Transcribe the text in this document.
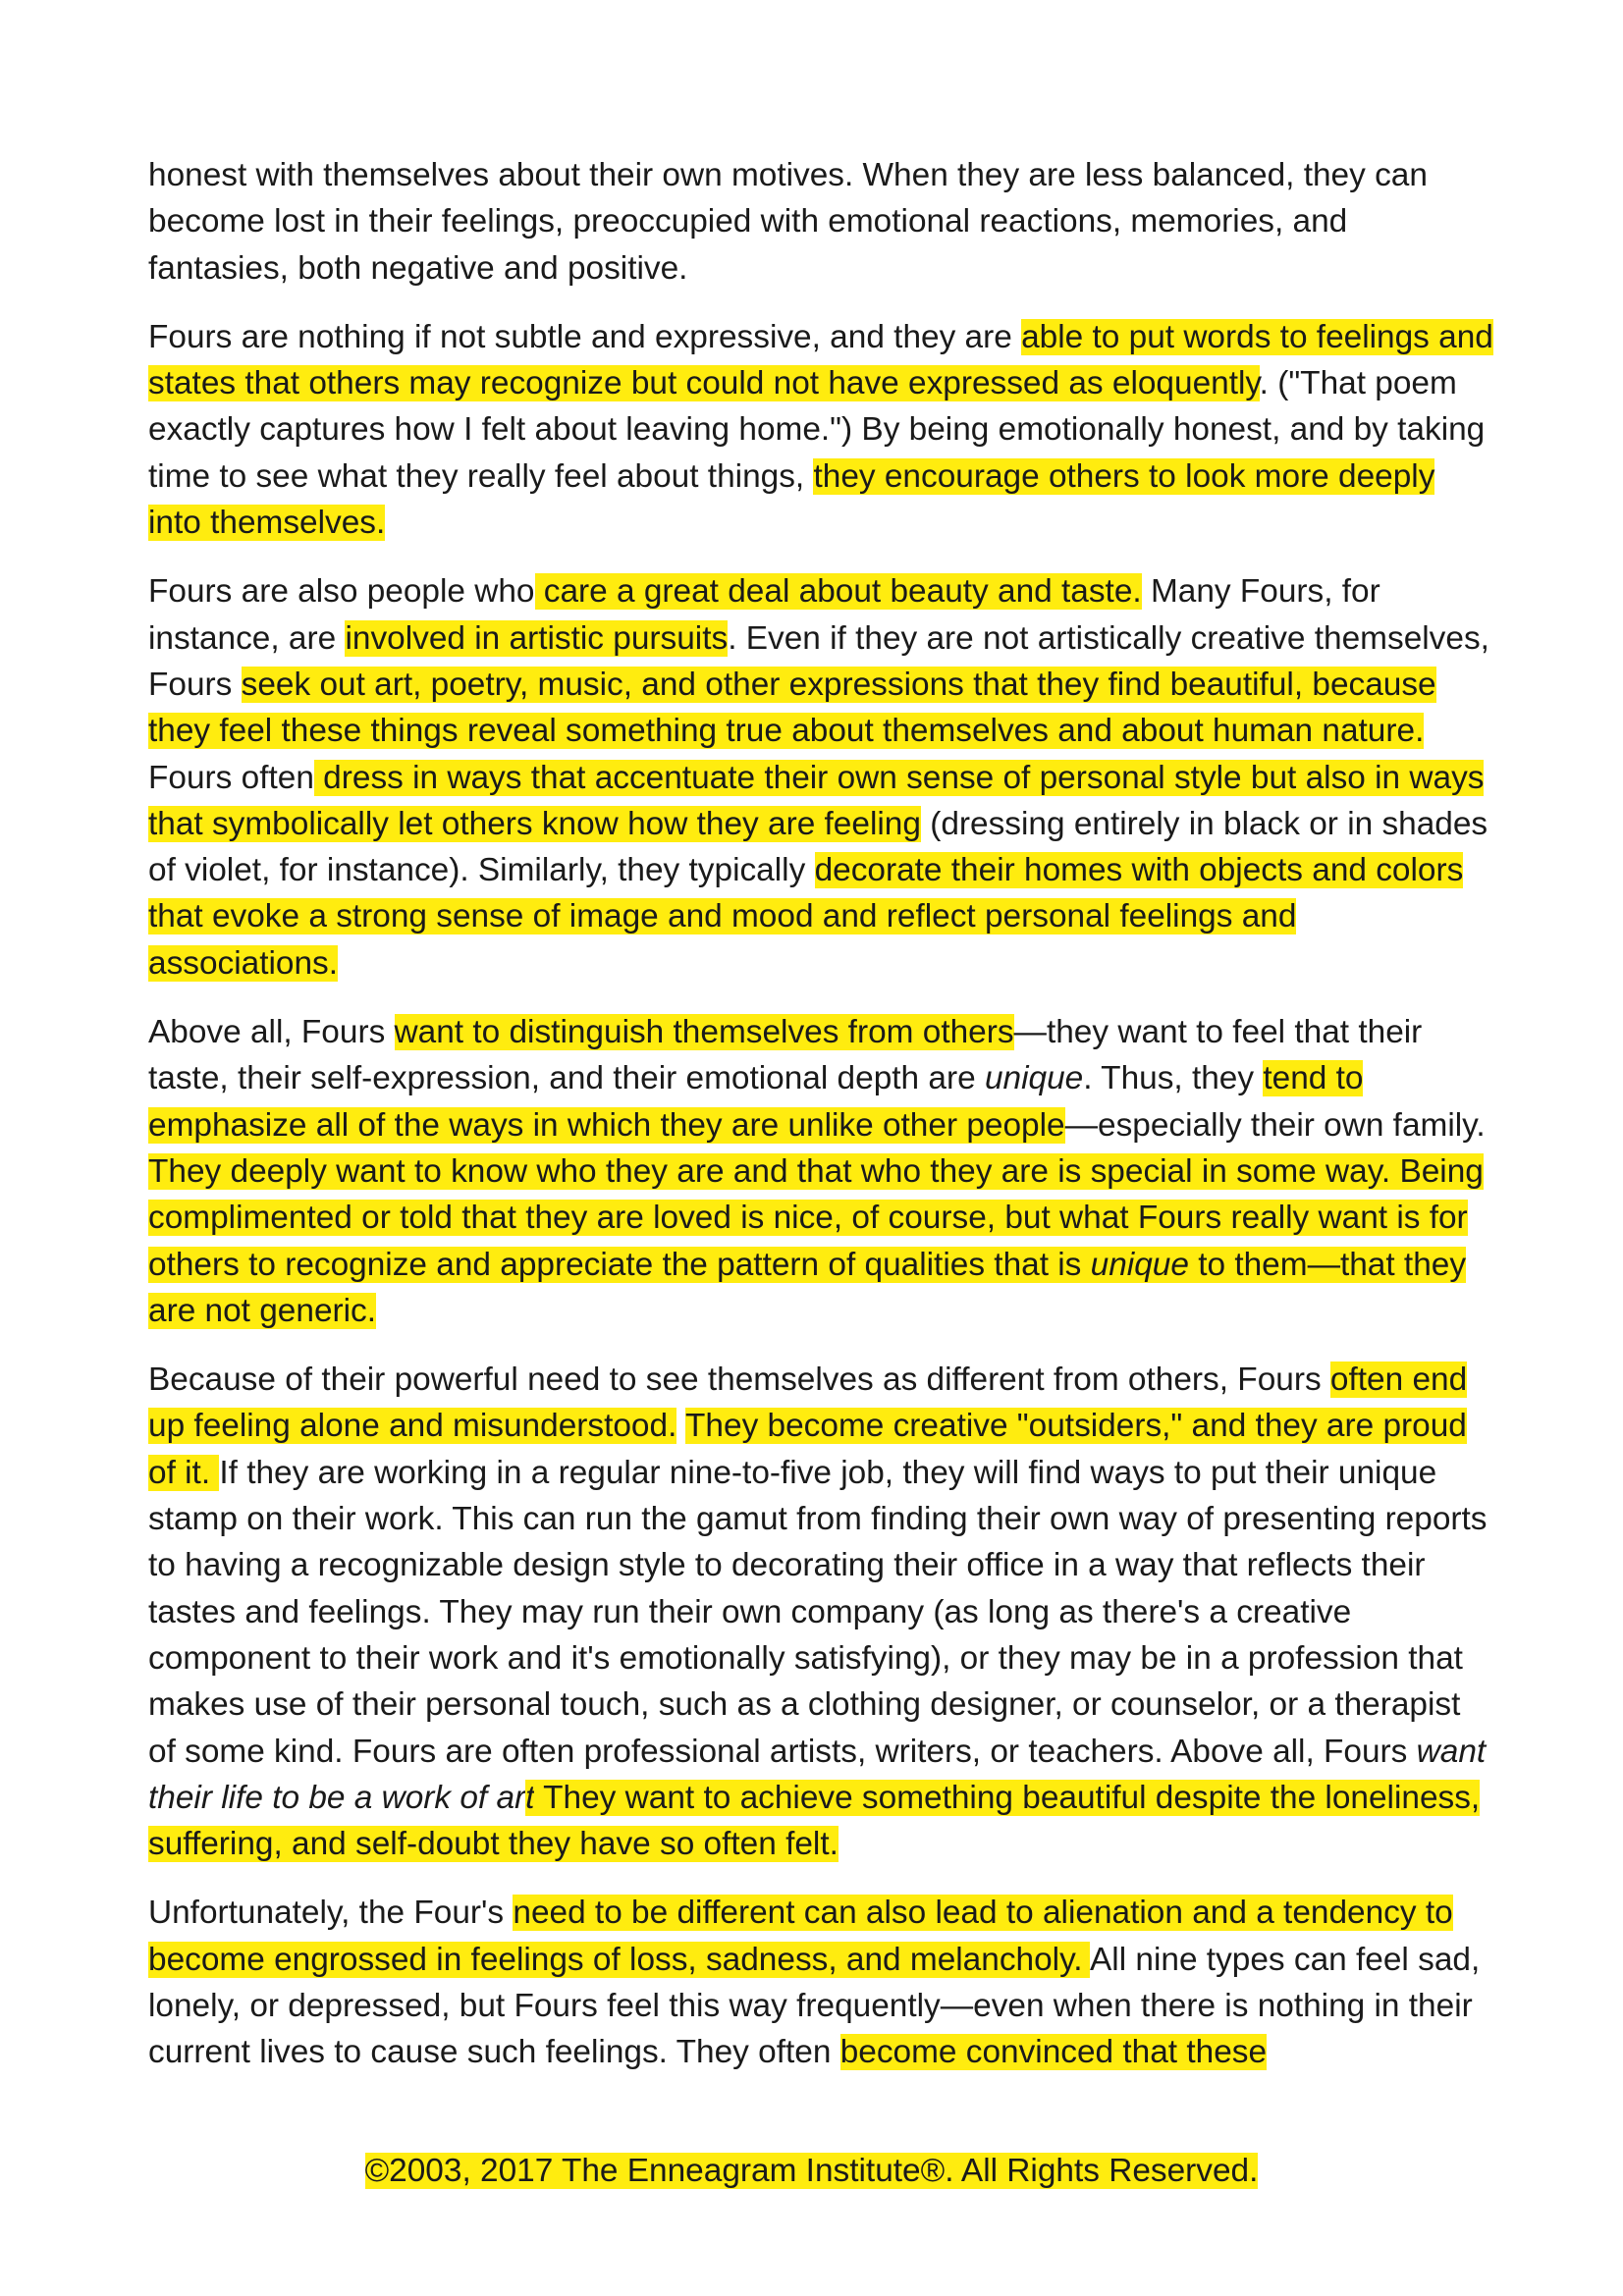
honest with themselves about their own motives. When they are less balanced, they can become lost in their feelings, preoccupied with emotional reactions, memories, and fantasies, both negative and positive.

Fours are nothing if not subtle and expressive, and they are able to put words to feelings and states that others may recognize but could not have expressed as eloquently. ("That poem exactly captures how I felt about leaving home.") By being emotionally honest, and by taking time to see what they really feel about things, they encourage others to look more deeply into themselves.

Fours are also people who care a great deal about beauty and taste. Many Fours, for instance, are involved in artistic pursuits. Even if they are not artistically creative themselves, Fours seek out art, poetry, music, and other expressions that they find beautiful, because they feel these things reveal something true about themselves and about human nature. Fours often dress in ways that accentuate their own sense of personal style but also in ways that symbolically let others know how they are feeling (dressing entirely in black or in shades of violet, for instance). Similarly, they typically decorate their homes with objects and colors that evoke a strong sense of image and mood and reflect personal feelings and associations.

Above all, Fours want to distinguish themselves from others—they want to feel that their taste, their self-expression, and their emotional depth are unique. Thus, they tend to emphasize all of the ways in which they are unlike other people—especially their own family. They deeply want to know who they are and that who they are is special in some way. Being complimented or told that they are loved is nice, of course, but what Fours really want is for others to recognize and appreciate the pattern of qualities that is unique to them—that they are not generic.

Because of their powerful need to see themselves as different from others, Fours often end up feeling alone and misunderstood. They become creative "outsiders," and they are proud of it. If they are working in a regular nine-to-five job, they will find ways to put their unique stamp on their work. This can run the gamut from finding their own way of presenting reports to having a recognizable design style to decorating their office in a way that reflects their tastes and feelings. They may run their own company (as long as there's a creative component to their work and it's emotionally satisfying), or they may be in a profession that makes use of their personal touch, such as a clothing designer, or counselor, or a therapist of some kind. Fours are often professional artists, writers, or teachers. Above all, Fours want their life to be a work of art They want to achieve something beautiful despite the loneliness, suffering, and self-doubt they have so often felt.

Unfortunately, the Four's need to be different can also lead to alienation and a tendency to become engrossed in feelings of loss, sadness, and melancholy. All nine types can feel sad, lonely, or depressed, but Fours feel this way frequently—even when there is nothing in their current lives to cause such feelings. They often become convinced that these

©2003, 2017 The Enneagram Institute®. All Rights Reserved.
